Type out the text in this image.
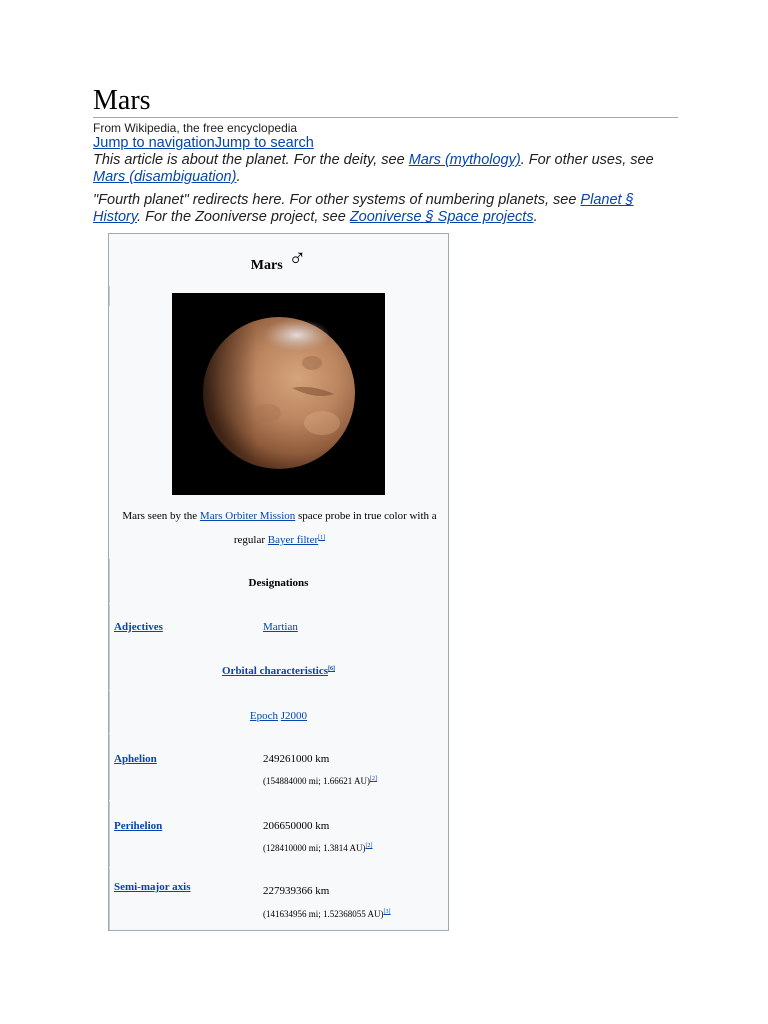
Mars
From Wikipedia, the free encyclopedia
Jump to navigationJump to search
This article is about the planet. For the deity, see Mars (mythology). For other uses, see Mars (disambiguation).
"Fourth planet" redirects here. For other systems of numbering planets, see Planet § History. For the Zooniverse project, see Zooniverse § Space projects.
Mars ♂
Mars seen by the Mars Orbiter Mission space probe in true color with a regular Bayer filter[1]
Designations
Adjectives	Martian
Orbital characteristics[6]
Epoch J2000
Aphelion	249261000 km
(154884000 mi; 1.66621 AU)[2]
Perihelion	206650000 km
(128410000 mi; 1.3814 AU)[2]
Semi-major axis	227939366 km
(141634956 mi; 1.52368055 AU)[3]
